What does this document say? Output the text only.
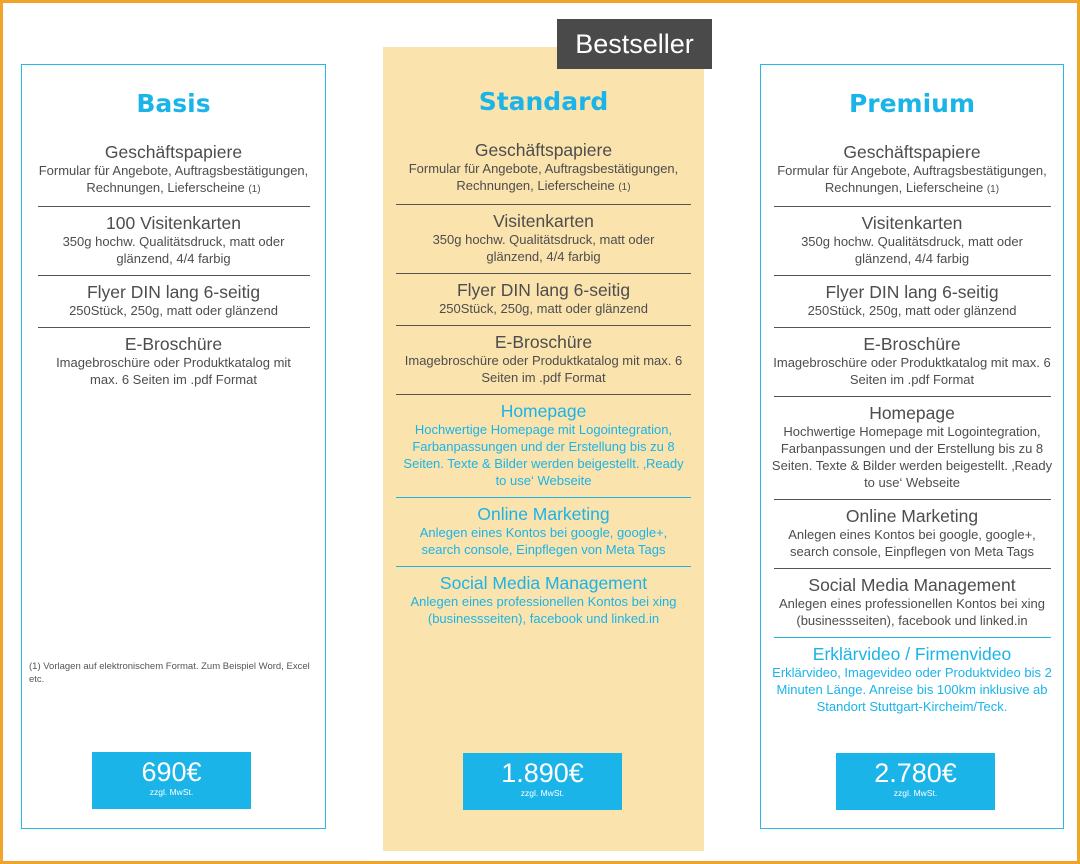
Bestseller
Basis
Geschäftspapiere
Formular für Angebote, Auftragsbestätigungen, Rechnungen, Lieferscheine (1)
100 Visitenkarten
350g hochw. Qualitätsdruck, matt oder glänzend, 4/4 farbig
Flyer DIN lang 6-seitig
250Stück, 250g, matt oder glänzend
E-Broschüre
Imagebroschüre oder Produktkatalog mit max. 6 Seiten im .pdf Format
(1) Vorlagen auf elektronischem Format. Zum Beispiel Word, Excel etc.
690€
zzgl. MwSt.
Standard
Geschäftspapiere
Formular für Angebote, Auftragsbestätigungen, Rechnungen, Lieferscheine (1)
Visitenkarten
350g hochw. Qualitätsdruck, matt oder glänzend, 4/4 farbig
Flyer DIN lang 6-seitig
250Stück, 250g, matt oder glänzend
E-Broschüre
Imagebroschüre oder Produktkatalog mit max. 6 Seiten im .pdf Format
Homepage
Hochwertige Homepage mit Logointegration, Farbanpassungen und der Erstellung bis zu 8 Seiten. Texte & Bilder werden beigestellt. ‚Ready to use‘ Webseite
Online Marketing
Anlegen eines Kontos bei google, google+, search console, Einpflegen von Meta Tags
Social Media Management
Anlegen eines professionellen Kontos bei xing (businessseiten), facebook und linked.in
1.890€
zzgl. MwSt.
Premium
Geschäftspapiere
Formular für Angebote, Auftragsbestätigungen, Rechnungen, Lieferscheine (1)
Visitenkarten
350g hochw. Qualitätsdruck, matt oder glänzend, 4/4 farbig
Flyer DIN lang 6-seitig
250Stück, 250g, matt oder glänzend
E-Broschüre
Imagebroschüre oder Produktkatalog mit max. 6 Seiten im .pdf Format
Homepage
Hochwertige Homepage mit Logointegration, Farbanpassungen und der Erstellung bis zu 8 Seiten. Texte & Bilder werden beigestellt. ‚Ready to use‘ Webseite
Online Marketing
Anlegen eines Kontos bei google, google+, search console, Einpflegen von Meta Tags
Social Media Management
Anlegen eines professionellen Kontos bei xing (businessseiten), facebook und linked.in
Erklärvideo / Firmenvideo
Erklärvideo, Imagevideo oder Produktvideo bis 2 Minuten Länge. Anreise bis 100km inklusive ab Standort Stuttgart-Kircheim/Teck.
2.780€
zzgl. MwSt.
